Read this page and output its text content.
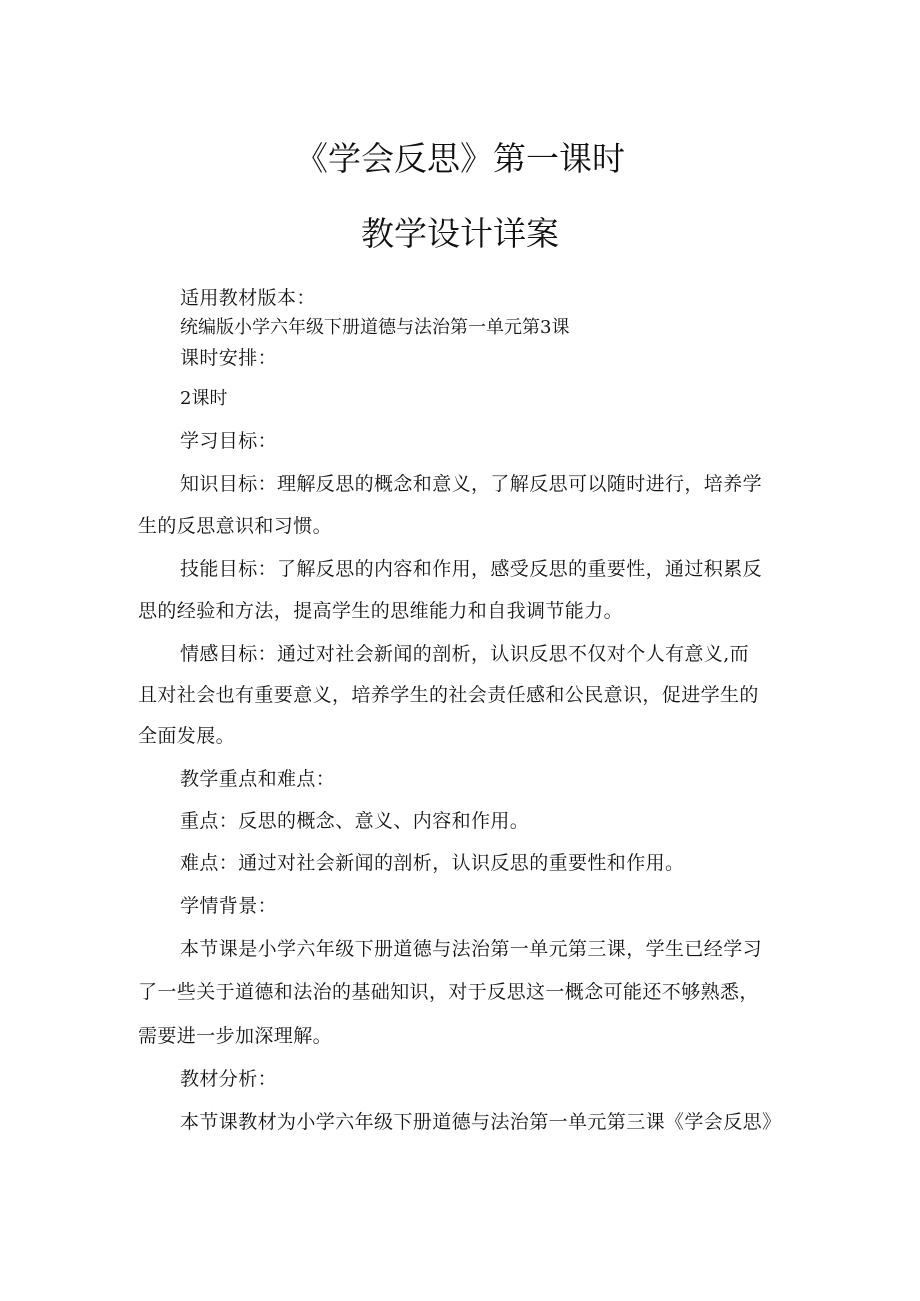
《学会反思》第一课时
教学设计详案
适用教材版本：
统编版小学六年级下册道德与法治第一单元第3课
课时安排：
2课时
学习目标：
知识目标：理解反思的概念和意义，了解反思可以随时进行，培养学
生的反思意识和习惯。
技能目标：了解反思的内容和作用，感受反思的重要性，通过积累反
思的经验和方法，提高学生的思维能力和自我调节能力。
情感目标：通过对社会新闻的剖析，认识反思不仅对个人有意义,而
且对社会也有重要意义，培养学生的社会责任感和公民意识，促进学生的
全面发展。
教学重点和难点：
重点：反思的概念、意义、内容和作用。
难点：通过对社会新闻的剖析，认识反思的重要性和作用。
学情背景：
本节课是小学六年级下册道德与法治第一单元第三课，学生已经学习
了一些关于道德和法治的基础知识，对于反思这一概念可能还不够熟悉，
需要进一步加深理解。
教材分析：
本节课教材为小学六年级下册道德与法治第一单元第三课《学会反思》
